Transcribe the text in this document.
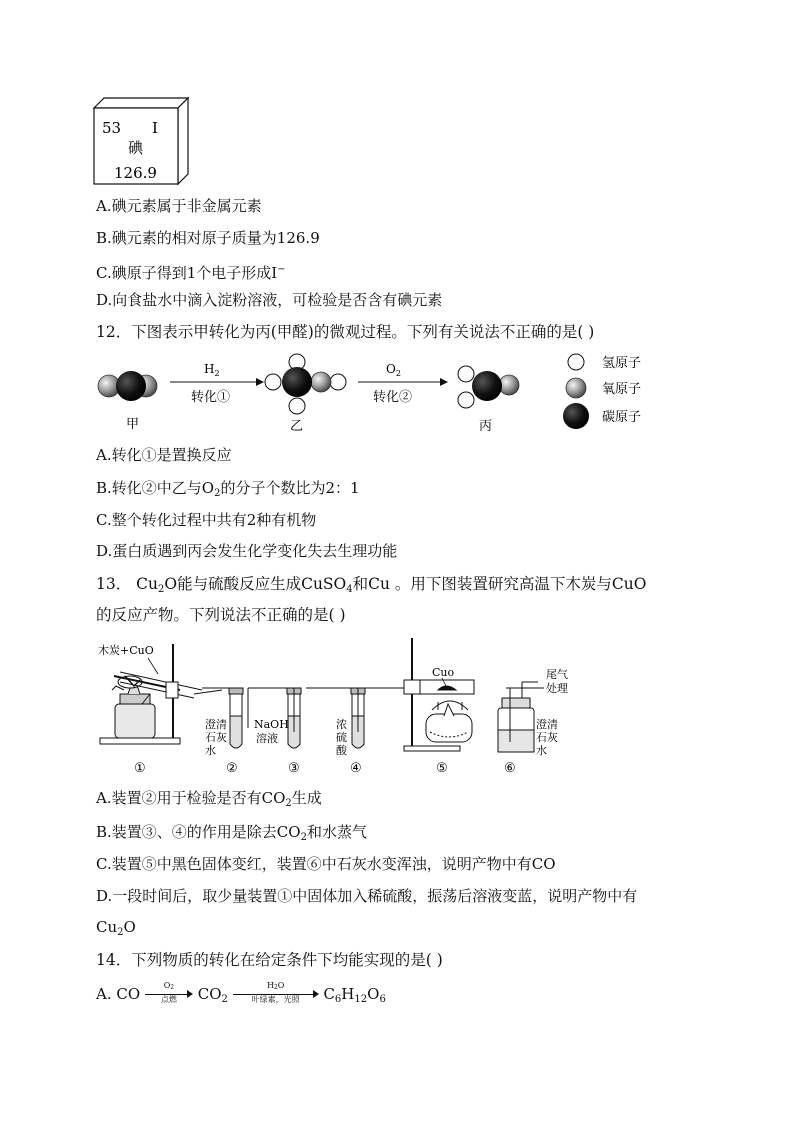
53 I
碘
126.9
A.碘元素属于非金属元素
B.碘元素的相对原子质量为126.9
C.碘原子得到1个电子形成I−
D.向食盐水中滴入淀粉溶液，可检验是否含有碘元素
12．下图表示甲转化为丙(甲醛)的微观过程。下列有关说法不正确的是( )
甲
$H_2$
转化①
乙
$O_2$
转化②
丙
氢原子
氧原子
碳原子
A.转化①是置换反应
B.转化②中乙与$O_2$的分子个数比为2：1
C.整个转化过程中共有2种有机物
D.蛋白质遇到丙会发生化学变化失去生理功能
13． $Cu_2O$能与硫酸反应生成CuSO$_4$和Cu 。用下图装置研究高温下木炭与CuO
的反应产物。下列说法不正确的是( )
木炭+CuO
澄清
石灰
水
NaOH
溶液
浓
硫
酸
Cuo	尾气
处理
澄清
石灰
水
①	②	③	④	⑤	⑥
A.装置②用于检验是否有$CO_2$生成
B.装置③、④的作用是除去$CO_2$和水蒸气
C.装置⑤中黑色固体变红，装置⑥中石灰水变浑浊，说明产物中有CO
D.一段时间后，取少量装置①中固体加入稀硫酸，振荡后溶液变蓝，说明产物中有
$Cu_2O$
14．下列物质的转化在给定条件下均能实现的是( )
A. CO	$O_2$
点燃	$CO_2$
$H_2O$
叶绿素，光照	$C_6H_{12}O_6$
